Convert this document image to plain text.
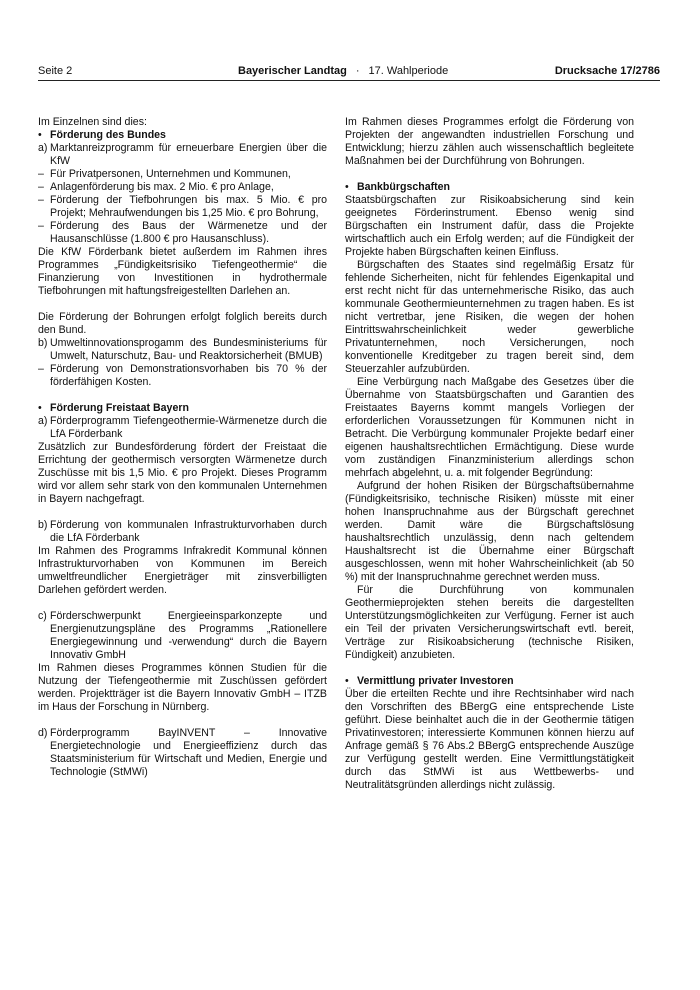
Seite 2	Bayerischer Landtag · 17. Wahlperiode	Drucksache 17/2786

Im Einzelnen sind dies:

• Förderung des Bundes

a) Marktanreizprogramm für erneuerbare Energien über die KfW
– Für Privatpersonen, Unternehmen und Kommunen,
– Anlagenförderung bis max. 2 Mio. € pro Anlage,
– Förderung der Tiefbohrungen bis max. 5 Mio. € pro Projekt; Mehraufwendungen bis 1,25 Mio. € pro Bohrung,
– Förderung des Baus der Wärmenetze und der Hausanschlüsse (1.800 € pro Hausanschluss).

Die KfW Förderbank bietet außerdem im Rahmen ihres Programmes „Fündigkeitsrisiko Tiefengeothermie“ die Finanzierung von Investitionen in hydrothermale Tiefbohrungen mit haftungsfreigestellten Darlehen an.

Die Förderung der Bohrungen erfolgt folglich bereits durch den Bund.

b) Umweltinnovationsprogamm des Bundesministeriums für Umwelt, Naturschutz, Bau- und Reaktorsicherheit (BMUB)
– Förderung von Demonstrationsvorhaben bis 70 % der förderfähigen Kosten.

• Förderung Freistaat Bayern

a) Förderprogramm Tiefengeothermie-Wärmenetze durch die LfA Förderbank

Zusätzlich zur Bundesförderung fördert der Freistaat die Errichtung der geothermisch versorgten Wärmenetze durch Zuschüsse mit bis 1,5 Mio. € pro Projekt. Dieses Programm wird vor allem sehr stark von den kommunalen Unternehmen in Bayern nachgefragt.

b) Förderung von kommunalen Infrastrukturvorhaben durch die LfA Förderbank

Im Rahmen des Programms Infrakredit Kommunal können Infrastrukturvorhaben von Kommunen im Bereich umweltfreundlicher Energieträger mit zinsverbilligten Darlehen gefördert werden.

c) Förderschwerpunkt Energieeinsparkonzepte und Energienutzungspläne des Programms „Rationellere Energiegewinnung und -verwendung“ durch die Bayern Innovativ GmbH

Im Rahmen dieses Programmes können Studien für die Nutzung der Tiefengeothermie mit Zuschüssen gefördert werden. Projektträger ist die Bayern Innovativ GmbH – ITZB im Haus der Forschung in Nürnberg.

d) Förderprogramm BayINVENT – Innovative Energietechnologie und Energieeffizienz durch das Staatsministerium für Wirtschaft und Medien, Energie und Technologie (StMWi)

Im Rahmen dieses Programmes erfolgt die Förderung von Projekten der angewandten industriellen Forschung und Entwicklung; hierzu zählen auch wissenschaftlich begleitete Maßnahmen bei der Durchführung von Bohrungen.

• Bankbürgschaften

Staatsbürgschaften zur Risikoabsicherung sind kein geeignetes Förderinstrument. Ebenso wenig sind Bürgschaften ein Instrument dafür, dass die Projekte wirtschaftlich auch ein Erfolg werden; auf die Fündigkeit der Projekte haben Bürgschaften keinen Einfluss.

Bürgschaften des Staates sind regelmäßig Ersatz für fehlende Sicherheiten, nicht für fehlendes Eigenkapital und erst recht nicht für das unternehmerische Risiko, das auch kommunale Geothermieunternehmen zu tragen haben. Es ist nicht vertretbar, jene Risiken, die wegen der hohen Eintrittswahrscheinlichkeit weder gewerbliche Privatunternehmen, noch Versicherungen, noch konventionelle Kreditgeber zu tragen bereit sind, dem Steuerzahler aufzubürden.

Eine Verbürgung nach Maßgabe des Gesetzes über die Übernahme von Staatsbürgschaften und Garantien des Freistaates Bayerns kommt mangels Vorliegen der erforderlichen Voraussetzungen für Kommunen nicht in Betracht. Die Verbürgung kommunaler Projekte bedarf einer eigenen haushaltsrechtlichen Ermächtigung. Diese wurde vom zuständigen Finanzministerium allerdings schon mehrfach abgelehnt, u. a. mit folgender Begründung:

Aufgrund der hohen Risiken der Bürgschaftsübernahme (Fündigkeitsrisiko, technische Risiken) müsste mit einer hohen Inanspruchnahme aus der Bürgschaft gerechnet werden. Damit wäre die Bürgschaftslösung haushaltsrechtlich unzulässig, denn nach geltendem Haushaltsrecht ist die Übernahme einer Bürgschaft ausgeschlossen, wenn mit hoher Wahrscheinlichkeit (ab 50 %) mit der Inanspruchnahme gerechnet werden muss.

Für die Durchführung von kommunalen Geothermieprojekten stehen bereits die dargestellten Unterstützungsmöglichkeiten zur Verfügung. Ferner ist auch ein Teil der privaten Versicherungswirtschaft evtl. bereit, Verträge zur Risikoabsicherung (technische Risiken, Fündigkeit) anzubieten.

• Vermittlung privater Investoren

Über die erteilten Rechte und ihre Rechtsinhaber wird nach den Vorschriften des BBergG eine entsprechende Liste geführt. Diese beinhaltet auch die in der Geothermie tätigen Privatinvestoren; interessierte Kommunen können hierzu auf Anfrage gemäß § 76 Abs.2 BBergG entsprechende Auszüge zur Verfügung gestellt werden. Eine Vermittlungstätigkeit durch das StMWi ist aus Wettbewerbs- und Neutralitätsgründen allerdings nicht zulässig.
